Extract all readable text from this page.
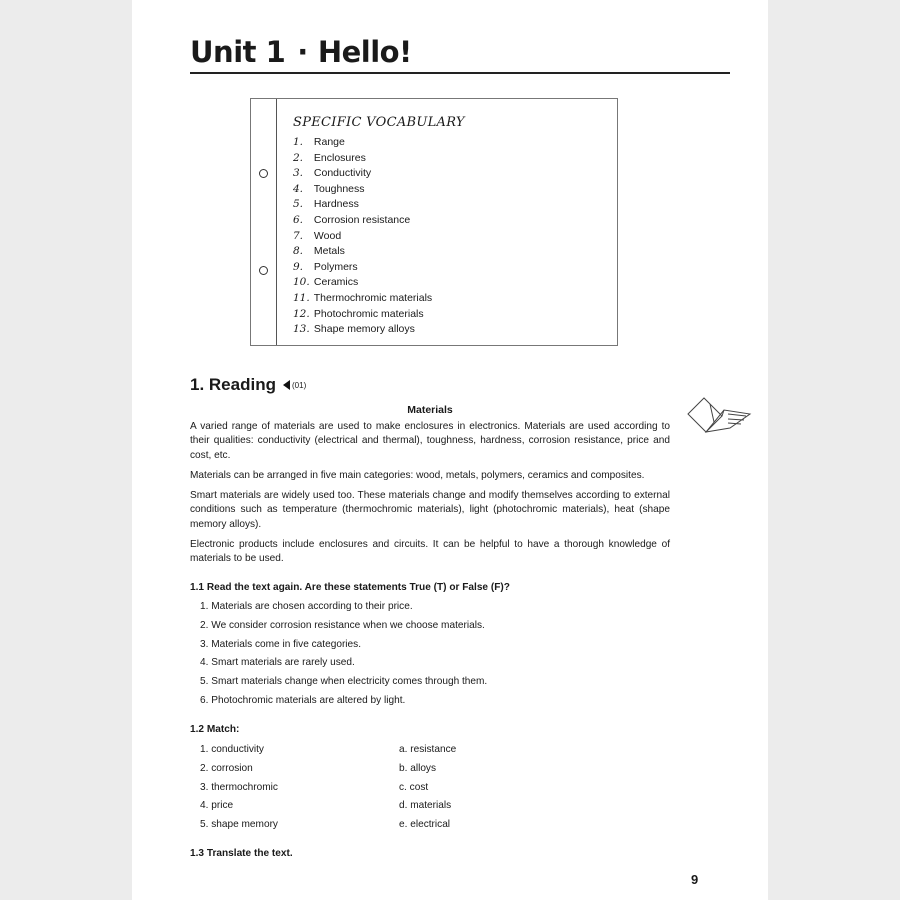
Unit 1 · Hello!
SPECIFIC VOCABULARY
1. Range
2. Enclosures
3. Conductivity
4. Toughness
5. Hardness
6. Corrosion resistance
7. Wood
8. Metals
9. Polymers
10. Ceramics
11. Thermochromic materials
12. Photochromic materials
13. Shape memory alloys
1. Reading (01)
Materials

A varied range of materials are used to make enclosures in electronics. Materials are used according to their qualities: conductivity (electrical and thermal), toughness, hardness, corrosion resistance, price and cost, etc.

Materials can be arranged in five main categories: wood, metals, polymers, ceramics and composites.

Smart materials are widely used too. These materials change and modify themselves according to external conditions such as temperature (thermochromic materials), light (photochromic materials), heat (shape memory alloys).

Electronic products include enclosures and circuits. It can be helpful to have a thorough knowledge of materials to be used.

1.1 Read the text again. Are these statements True (T) or False (F)?

1. Materials are chosen according to their price.
2. We consider corrosion resistance when we choose materials.
3. Materials come in five categories.
4. Smart materials are rarely used.
5. Smart materials change when electricity comes through them.
6. Photochromic materials are altered by light.

1.2 Match:

1. conductivity
2. corrosion
3. thermochromic
4. price
5. shape memory
a. resistance
b. alloys
c. cost
d. materials
e. electrical

1.3 Translate the text.

9
